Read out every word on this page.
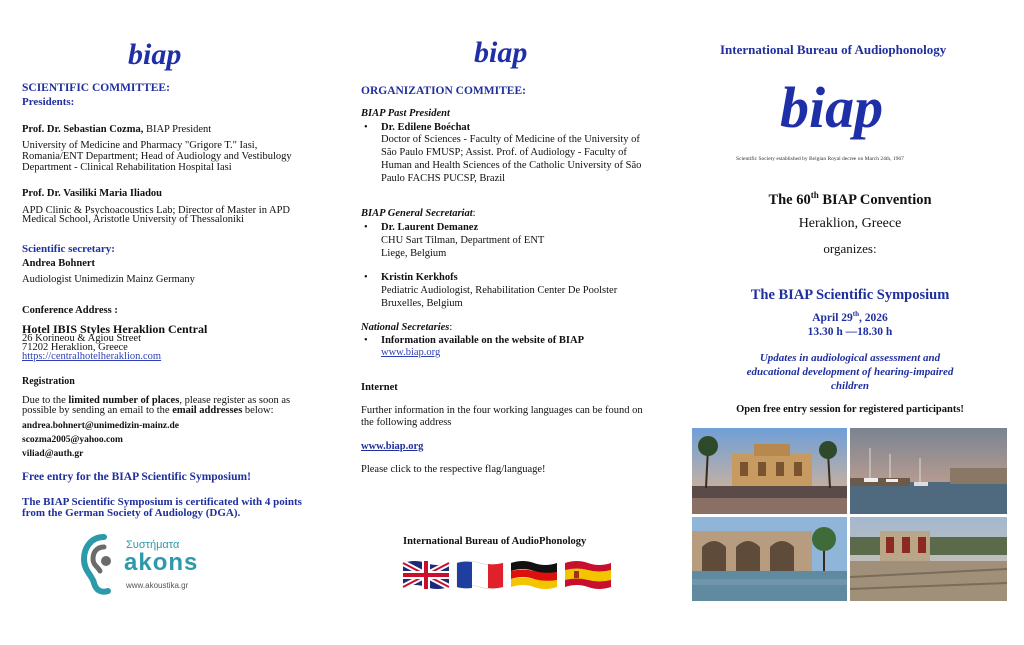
biap
SCIENTIFIC COMMITTEE:
Presidents:
Prof. Dr. Sebastian Cozma, BIAP President
University of Medicine and Pharmacy "Grigore T." Iasi,
Romania/ENT Department; Head of Audiology and Vestibulogy
Department - Clinical Rehabilitation Hospital Iasi
Prof. Dr. Vasiliki Maria Iliadou
APD Clinic & Psychoacoustics Lab; Director of Master in APD
Medical School, Aristotle University of Thessaloniki
Scientific secretary:
Andrea Bohnert
Audiologist Unimedizin Mainz Germany
Conference Address :
Hotel IBIS Styles Heraklion Central
26 Korineou & Agiou Street
71202 Heraklion, Greece
https://centralhotelheraklion.com
Registration
Due to the limited number of places, please register as soon as
possible by sending an email to the email addresses below:
andrea.bohnert@unimedizin-mainz.de
scozma2005@yahoo.com
viliad@auth.gr
Free entry for the BIAP Scientific Symposium!
The BIAP Scientific Symposium is certificated with 4 points
from the German Society of Audiology (DGA).
Συστήματα
akons
www.akoustika.gr
biap
ORGANIZATION COMMITEE:
BIAP Past President
• Dr. Edilene Boéchat
Doctor of Sciences - Faculty of Medicine of the University of
São Paulo FMUSP; Assist. Prof. of Audiology - Faculty of
Human and Health Sciences of the Catholic University of São
Paulo FACHS PUCSP, Brazil
BIAP General Secretariat:
• Dr. Laurent Demanez
CHU Sart Tilman, Department of ENT
Liege, Belgium
• Kristin Kerkhofs
Pediatric Audiologist, Rehabilitation Center De Poolster
Bruxelles, Belgium
National Secretaries:
• Information available on the website of BIAP
www.biap.org
Internet
Further information in the four working languages can be found on
the following address
www.biap.org
Please click to the respective flag/language!
International Bureau of AudioPhonology
International Bureau of Audiophonology
biap
Scientific Society established by Belgian Royal decree on March 24th, 1967
The 60th BIAP Convention
Heraklion, Greece
organizes:
The BIAP Scientific Symposium
April 29th, 2026
13.30 h —18.30 h
Updates in audiological assessment and
educational development of hearing-impaired
children
Open free entry session for registered participants!
